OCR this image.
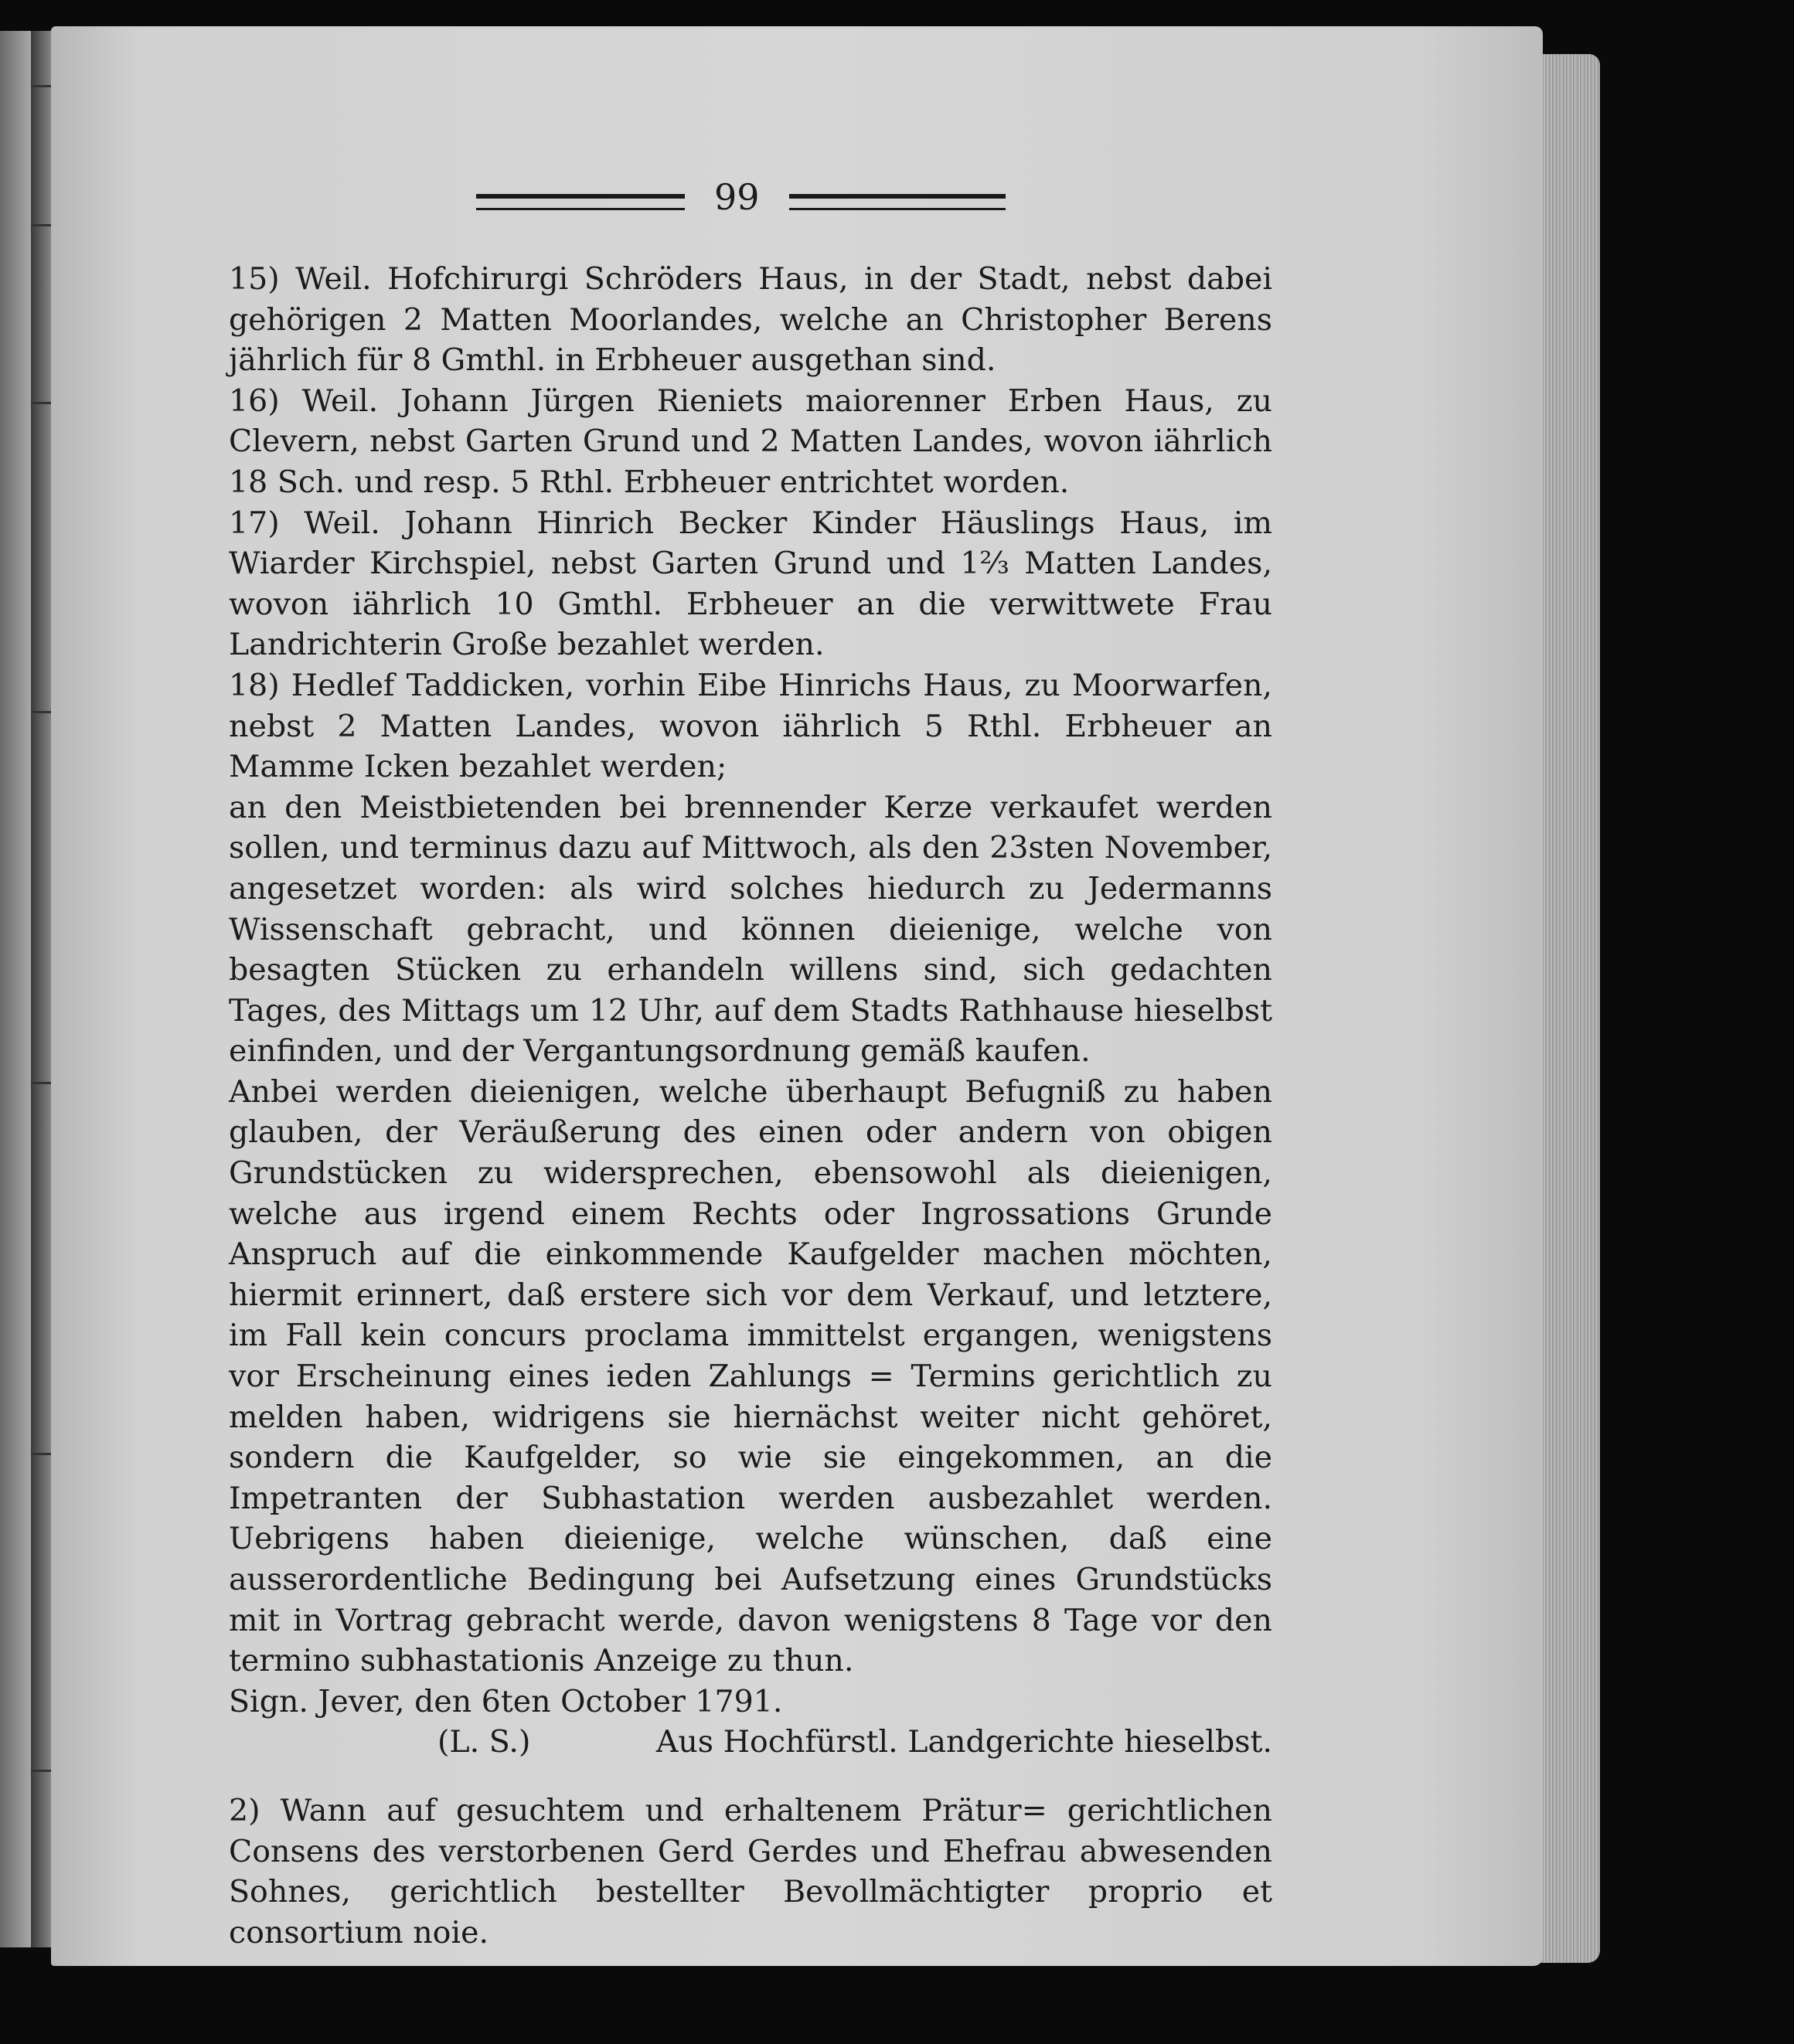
99

15) Weil. Hofchirurgi Schröders Haus, in der Stadt, nebst dabei gehörigen 2 Matten Moorlandes, welche an Christopher Berens jährlich für 8 Gmthl. in Erbheuer ausgethan sind.

16) Weil. Johann Jürgen Rieniets maiorenner Erben Haus, zu Clevern, nebst Garten Grund und 2 Matten Landes, wovon iährlich 18 Sch. und resp. 5 Rthl. Erbheuer entrichtet worden.

17) Weil. Johann Hinrich Becker Kinder Häuslings Haus, im Wiarder Kirchspiel, nebst Garten Grund und 1⅔ Matten Landes, wovon iährlich 10 Gmthl. Erbheuer an die verwittwete Frau Landrichterin Große bezahlet werden.

18) Hedlef Taddicken, vorhin Eibe Hinrichs Haus, zu Moorwarfen, nebst 2 Matten Landes, wovon iährlich 5 Rthl. Erbheuer an Mamme Icken bezahlet werden;

an den Meistbietenden bei brennender Kerze verkaufet werden sollen, und terminus dazu auf Mittwoch, als den 23sten November, angesetzet worden: als wird solches hiedurch zu Jedermanns Wissenschaft gebracht, und können dieienige, welche von besagten Stücken zu erhandeln willens sind, sich gedachten Tages, des Mittags um 12 Uhr, auf dem Stadts Rathhause hieselbst einfinden, und der Vergantungsordnung gemäß kaufen.

Anbei werden dieienigen, welche überhaupt Befugniß zu haben glauben, der Veräußerung des einen oder andern von obigen Grundstücken zu widersprechen, ebensowohl als dieienigen, welche aus irgend einem Rechts oder Ingrossations Grunde Anspruch auf die einkommende Kaufgelder machen möchten, hiermit erinnert, daß erstere sich vor dem Verkauf, und letztere, im Fall kein concurs proclama immittelst ergangen, wenigstens vor Erscheinung eines ieden Zahlungs = Termins gerichtlich zu melden haben, widrigens sie hiernächst weiter nicht gehöret, sondern die Kaufgelder, so wie sie eingekommen, an die Impetranten der Subhastation werden ausbezahlet werden. Uebrigens haben dieienige, welche wünschen, daß eine ausserordentliche Bedingung bei Aufsetzung eines Grundstücks mit in Vortrag gebracht werde, davon wenigstens 8 Tage vor den termino subhastationis Anzeige zu thun.

Sign. Jever, den 6ten October 1791.

(L. S.)	Aus Hochfürstl. Landgerichte hieselbst.

2) Wann auf gesuchtem und erhaltenem Prätur= gerichtlichen Consens des verstorbenen Gerd Gerdes und Ehefrau abwesenden Sohnes, gerichtlich bestellter Bevollmächtigter proprio et consortium noie.
